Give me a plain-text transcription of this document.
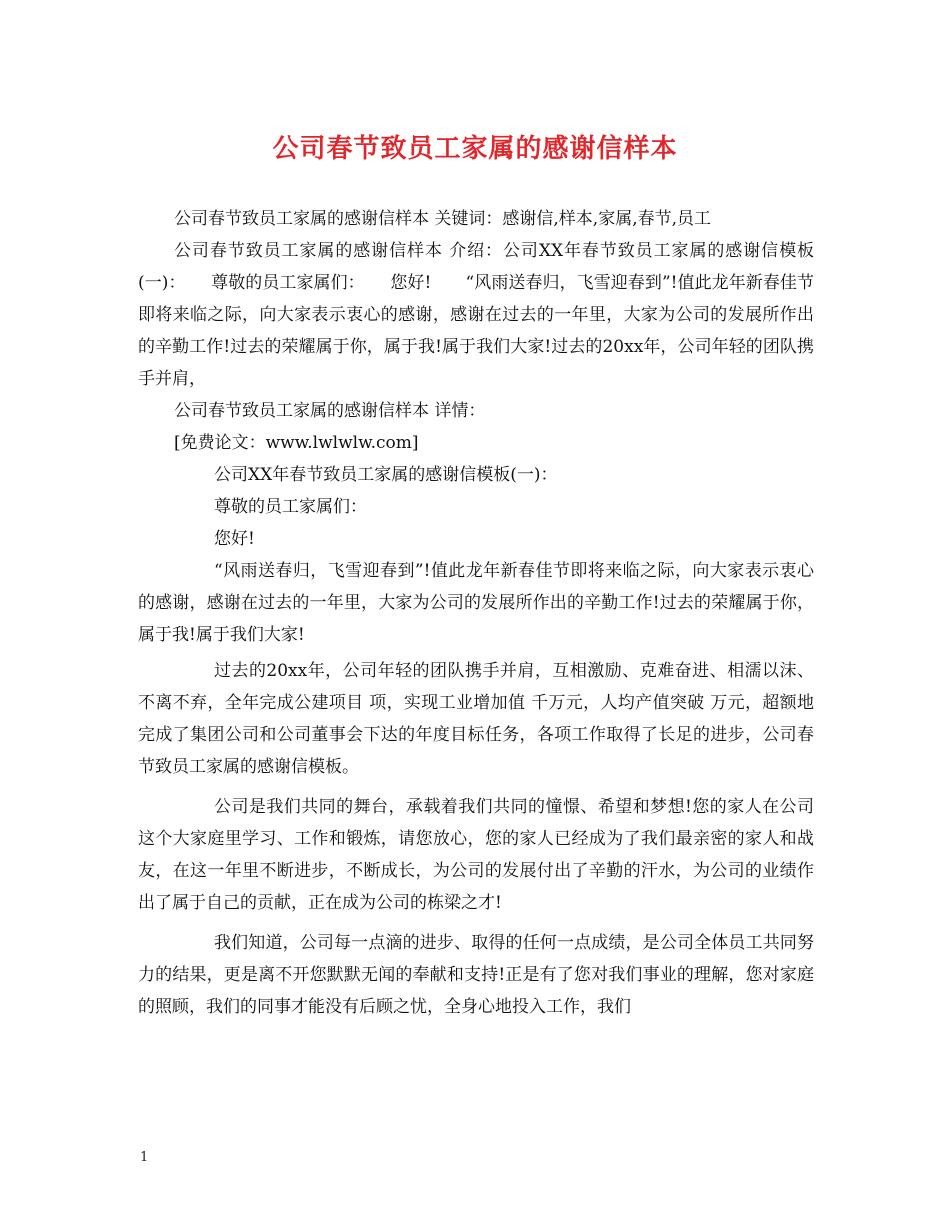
公司春节致员工家属的感谢信样本

公司春节致员工家属的感谢信样本 关键词：感谢信,样本,家属,春节,员工

公司春节致员工家属的感谢信样本 介绍：公司XX年春节致员工家属的感谢信模板(一)：　　尊敬的员工家属们：　　您好!　　“风雨送春归，飞雪迎春到”!值此龙年新春佳节即将来临之际，向大家表示衷心的感谢，感谢在过去的一年里，大家为公司的发展所作出的辛勤工作!过去的荣耀属于你，属于我!属于我们大家!过去的20xx年，公司年轻的团队携手并肩，

公司春节致员工家属的感谢信样本 详情：

[免费论文：www.lwlwlw.com]

公司XX年春节致员工家属的感谢信模板(一)：

尊敬的员工家属们：

您好!

“风雨送春归，飞雪迎春到”!值此龙年新春佳节即将来临之际，向大家表示衷心的感谢，感谢在过去的一年里，大家为公司的发展所作出的辛勤工作!过去的荣耀属于你，属于我!属于我们大家!

过去的20xx年，公司年轻的团队携手并肩，互相激励、克难奋进、相濡以沫、不离不弃，全年完成公建项目 项，实现工业增加值 千万元，人均产值突破 万元，超额地完成了集团公司和公司董事会下达的年度目标任务，各项工作取得了长足的进步，公司春节致员工家属的感谢信模板。

公司是我们共同的舞台，承载着我们共同的憧憬、希望和梦想!您的家人在公司这个大家庭里学习、工作和锻炼，请您放心，您的家人已经成为了我们最亲密的家人和战友，在这一年里不断进步，不断成长，为公司的发展付出了辛勤的汗水，为公司的业绩作出了属于自己的贡献，正在成为公司的栋梁之才!

我们知道，公司每一点滴的进步、取得的任何一点成绩，是公司全体员工共同努力的结果，更是离不开您默默无闻的奉献和支持!正是有了您对我们事业的理解，您对家庭的照顾，我们的同事才能没有后顾之忧，全身心地投入工作，我们

1
